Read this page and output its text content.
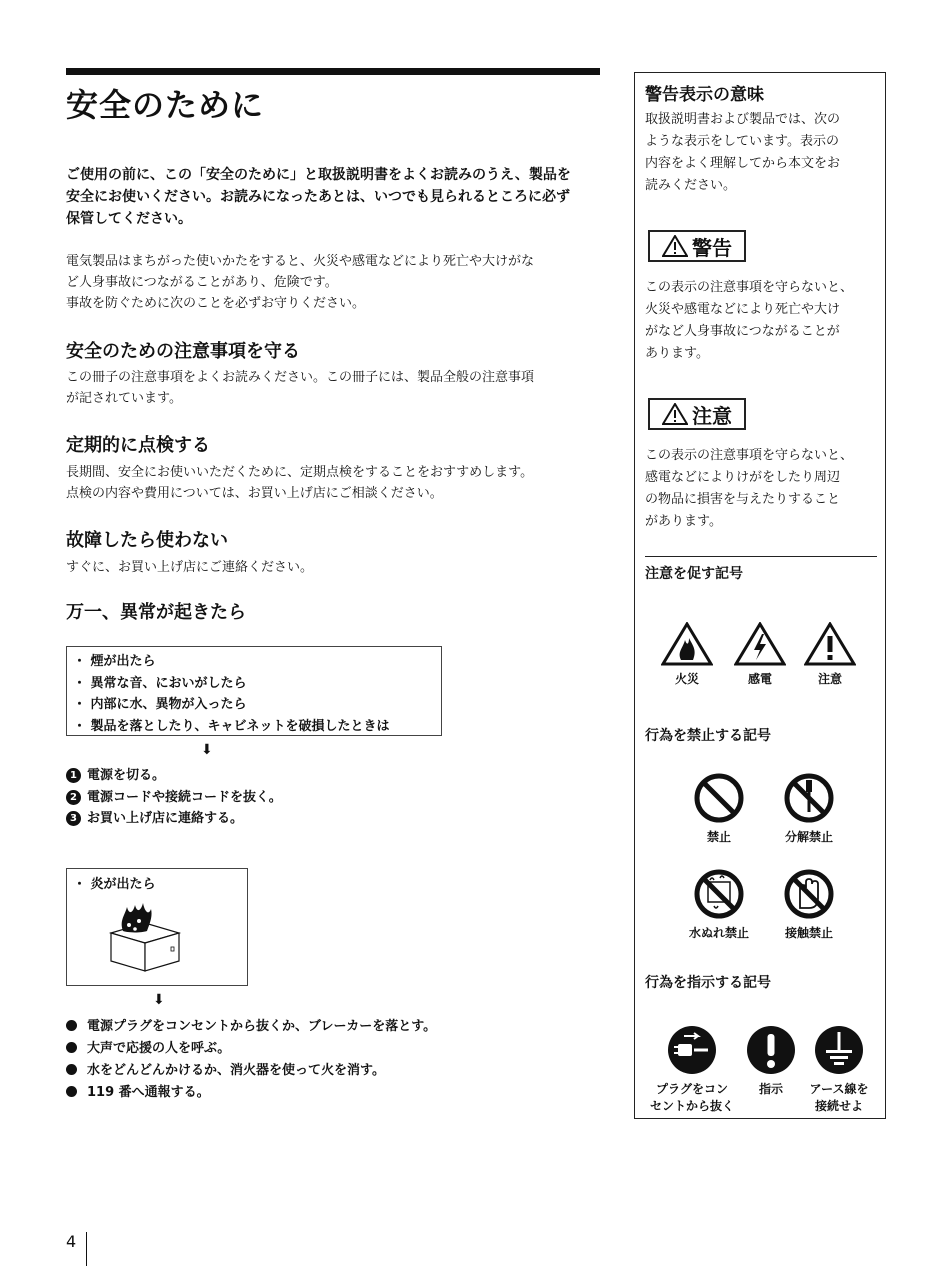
安全のために
ご使用の前に、この「安全のために」と取扱説明書をよくお読みのうえ、製品を
安全にお使いください。お読みになったあとは、いつでも見られるところに必ず
保管してください。
電気製品はまちがった使いかたをすると、火災や感電などにより死亡や大けがな
ど人身事故につながることがあり、危険です。
事故を防ぐために次のことを必ずお守りください。
安全のための注意事項を守る
この冊子の注意事項をよくお読みください。この冊子には、製品全般の注意事項
が記されています。
定期的に点検する
長期間、安全にお使いいただくために、定期点検をすることをおすすめします。
点検の内容や費用については、お買い上げ店にご相談ください。
故障したら使わない
すぐに、お買い上げ店にご連絡ください。
万一、異常が起きたら
・ 煙が出たら
・ 異常な音、においがしたら
・ 内部に水、異物が入ったら
・ 製品を落としたり、キャビネットを破損したときは
⬇
1 電源を切る。
2 電源コードや接続コードを抜く。
3 お買い上げ店に連絡する。
・ 炎が出たら
⬇
電源プラグをコンセントから抜くか、ブレーカーを落とす。
大声で応援の人を呼ぶ。
水をどんどんかけるか、消火器を使って火を消す。
119 番へ通報する。
警告表示の意味
取扱説明書および製品では、次の
ような表示をしています。表示の
内容をよく理解してから本文をお
読みください。
警告
この表示の注意事項を守らないと、
火災や感電などにより死亡や大け
がなど人身事故につながることが
あります。
注意
この表示の注意事項を守らないと、
感電などによりけがをしたり周辺
の物品に損害を与えたりすること
があります。
注意を促す記号
火災	感電	注意
行為を禁止する記号
禁止	分解禁止
水ぬれ禁止	接触禁止
行為を指示する記号
プラグをコン
セントから抜く
指示	アース線を
接続せよ
4
